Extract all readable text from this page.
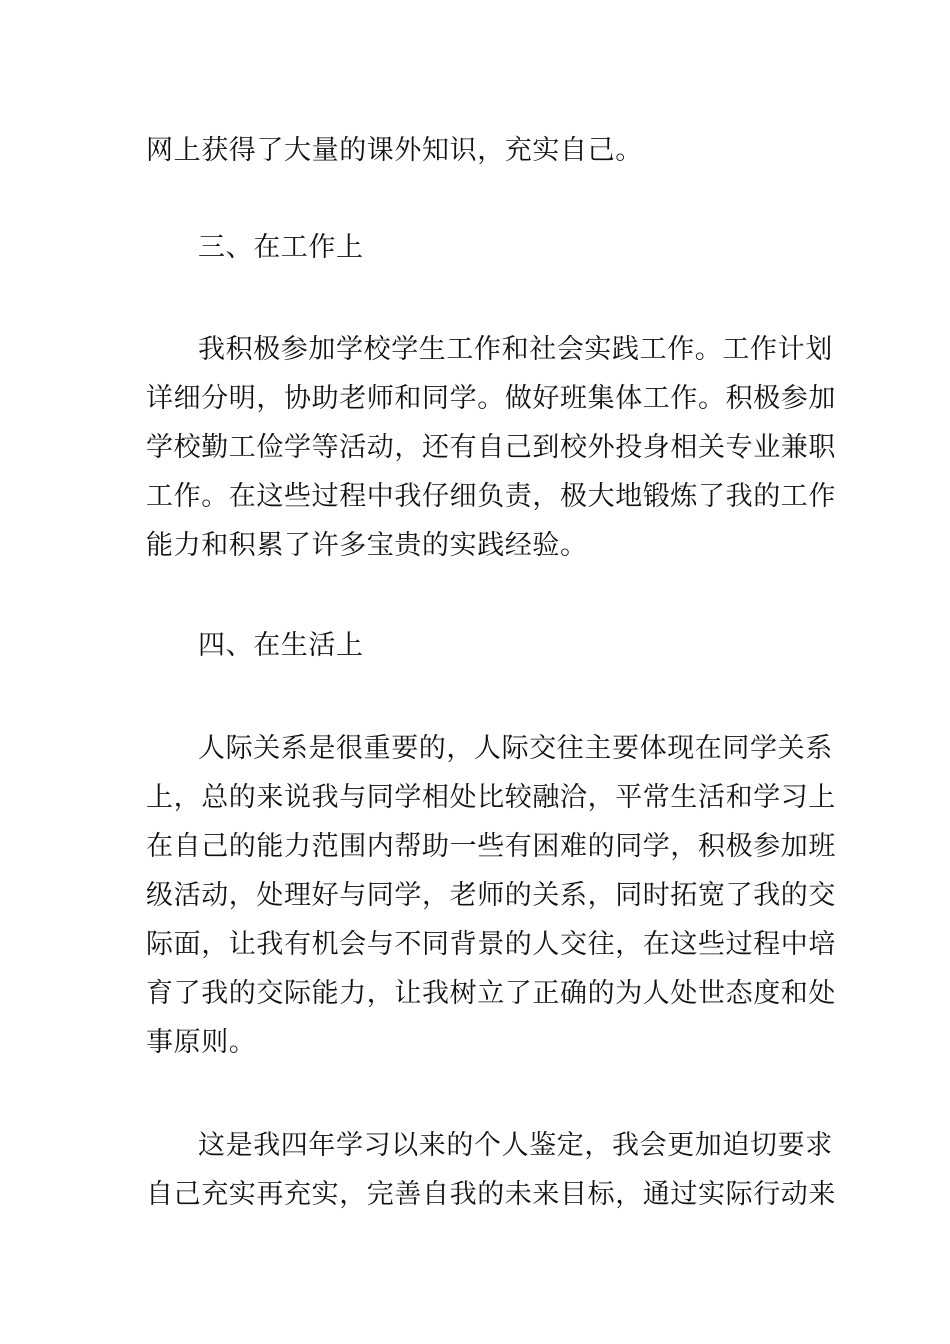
网上获得了大量的课外知识，充实自己。
三、在工作上
我积极参加学校学生工作和社会实践工作。工作计划
详细分明，协助老师和同学。做好班集体工作。积极参加
学校勤工俭学等活动，还有自己到校外投身相关专业兼职
工作。在这些过程中我仔细负责，极大地锻炼了我的工作
能力和积累了许多宝贵的实践经验。
四、在生活上
人际关系是很重要的，人际交往主要体现在同学关系
上，总的来说我与同学相处比较融洽，平常生活和学习上
在自己的能力范围内帮助一些有困难的同学，积极参加班
级活动，处理好与同学，老师的关系，同时拓宽了我的交
际面，让我有机会与不同背景的人交往，在这些过程中培
育了我的交际能力，让我树立了正确的为人处世态度和处
事原则。
这是我四年学习以来的个人鉴定，我会更加迫切要求
自己充实再充实，完善自我的未来目标，通过实际行动来
